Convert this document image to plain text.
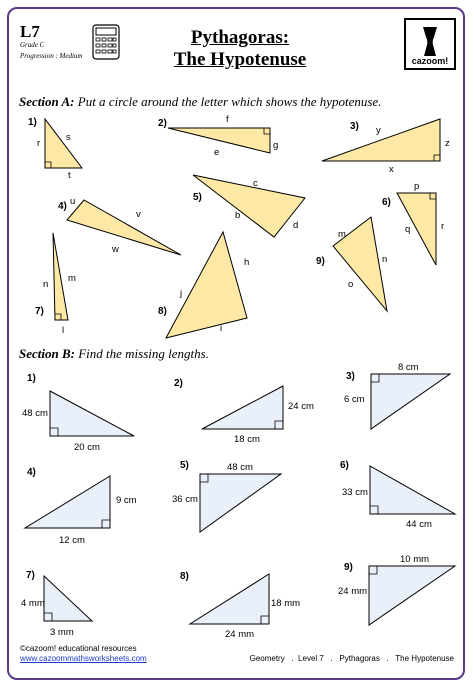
L7
Grade C
Progression : Medium
Pythagoras:
The Hypotenuse	cazoom!
Section A: Put a circle around the letter which shows the hypotenuse.
Section B: Find the missing lengths.
1)
r
s
t
2)	f
e
g
3) y
z
x
4) u
v
w
5)
c
b
d
6)
p
q	r
7)
n
m
l
8)
h
j
i
9)
m
n
o
1)
48 cm
20 cm
2)
24 cm
18 cm
3)
8 cm
6 cm
4)
9 cm
12 cm
5)	48 cm
36 cm
6)
33 cm
44 cm
7)
4 mm
3 mm
8)
18 mm
24 mm
9)
10 mm
24 mm
©cazoom! educational resources
www.cazoommathsworksheets.com	Geometry   .  Level 7   .   Pythagoras   .   The Hypotenuse
